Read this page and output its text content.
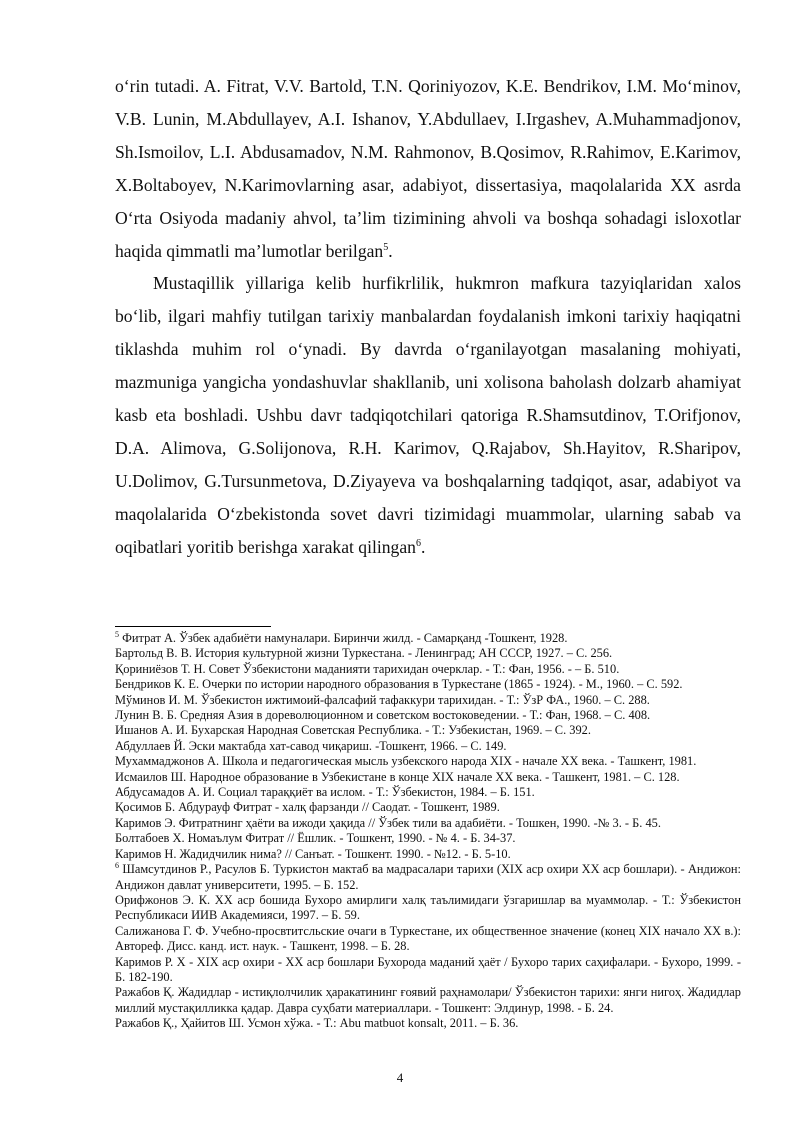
o‘rin tutadi. A. Fitrat, V.V. Bartold, T.N. Qoriniyozov, K.E. Bendrikov, I.M. Mo‘minov, V.B. Lunin, M.Abdullayev, A.I. Ishanov, Y.Abdullaev, I.Irgashev, A.Muhammadjonov, Sh.Ismoilov, L.I. Abdusamadov, N.M. Rahmonov, B.Qosimov, R.Rahimov, E.Karimov, X.Boltaboyev, N.Karimovlarning asar, adabiyot, dissertasiya, maqolalarida XX asrda O‘rta Osiyoda madaniy ahvol, ta’lim tizimining ahvoli va boshqa sohadagi isloxotlar haqida qimmatli ma’lumotlar berilgan$^5$.

Mustaqillik yillariga kelib hurfikrlilik, hukmron mafkura tazyiqlaridan xalos bo‘lib, ilgari mahfiy tutilgan tarixiy manbalardan foydalanish imkoni tarixiy haqiqatni tiklashda muhim rol o‘ynadi. By davrda o‘rganilayotgan masalaning mohiyati, mazmuniga yangicha yondashuvlar shakllanib, uni xolisona baholash dolzarb ahamiyat kasb eta boshladi. Ushbu davr tadqiqotchilari qatoriga R.Shamsutdinov, T.Orifjonov, D.A. Alimova, G.Solijonova, R.H. Karimov, Q.Rajabov, Sh.Hayitov, R.Sharipov, U.Dolimov, G.Tursunmetova, D.Ziyayeva va boshqalarning tadqiqot, asar, adabiyot va maqolalarida O‘zbekistonda sovet davri tizimidagi muammolar, ularning sabab va oqibatlari yoritib berishga xarakat qilingan$^6$.

$^5$ Фитрат А. Ўзбек адабиёти намуналари. Биринчи жилд. - Самарқанд -Тошкент, 1928.

Бартольд В. В. История культурной жизни Туркестана. - Ленинград; АН СССР, 1927. – С. 256.

Қориниёзов Т. Н. Совет Ўзбекистони маданияти тарихидан очерклар. - Т.: Фан, 1956. - – Б. 510.

Бендриков К. Е. Очерки по истории народного образования в Туркестане (1865 - 1924). - М., 1960. – С. 592.

Мўминов И. М. Ўзбекистон ижтимоий-фалсафий тафаккури тарихидан. - Т.: ЎзР ФА., 1960. – С. 288.

Лунин В. Б. Средняя Азия в дореволюционном и советском востоковедении. - Т.: Фан, 1968. – С. 408.

Ишанов А. И. Бухарская Народная Советская Республика. - Т.: Узбекистан, 1969. – С. 392.

Абдуллаев Й. Эски мактабда хат-савод чиқариш. -Тошкент, 1966. – С. 149.

Мухаммаджонов А. Школа и педагогическая мысль узбекского народа XIX - начале XX века. - Ташкент, 1981.

Исмаилов Ш. Народное образование в Узбекистане в конце XIX начале XX века. - Ташкент, 1981. – С. 128.

Абдусамадов А. И. Социал тараққиёт ва ислом. - Т.: Ўзбекистон, 1984. – Б. 151.

Қосимов Б. Абдурауф Фитрат - халқ фарзанди // Саодат. - Тошкент, 1989.

Каримов Э. Фитратнинг ҳаёти ва ижоди ҳақида // Ўзбек тили ва адабиёти. - Тошкен, 1990. -№ 3. - Б. 45.

Болтабоев Х. Номаълум Фитрат // Ёшлик. - Тошкент, 1990. - № 4. - Б. 34-37.

Каримов Н. Жадидчилик нима? // Санъат. - Тошкент. 1990. - №12. - Б. 5-10.

$^6$ Шамсутдинов Р., Расулов Б. Туркистон мактаб ва мадрасалари тарихи (XIX аср охири XX аср бошлари). - Андижон: Андижон давлат университети, 1995. – Б. 152.

Орифжонов Э. К. XX аср бошида Бухоро амирлиги халқ таълимидаги ўзгаришлар ва муаммолар. - Т.: Ўзбекистон Республикаси ИИВ Академияси, 1997. – Б. 59.

Салижанова Г. Ф. Учебно-просвтитсльские очаги в Туркестане, их общественное значение (конец XIX начало XX в.): Автореф. Дисс. канд. ист. наук. - Ташкент, 1998. – Б. 28.

Каримов Р. Х - XIX аср охири - XX аср бошлари Бухорода маданий ҳаёт / Бухоро тарих саҳифалари. - Бухоро, 1999. - Б. 182-190.

Ражабов Қ. Жадидлар - истиқлолчилик ҳаракатининг ғоявий раҳнамолари/ Ўзбекистон тарихи: янги нигоҳ. Жадидлар миллий мустақилликка қадар. Давра суҳбати материаллари. - Тошкент: Элдинур, 1998. - Б. 24.

Ражабов Қ., Ҳайитов Ш. Усмон хўжа. - Т.: Abu matbuot konsalt, 2011. – Б. 36.

4
